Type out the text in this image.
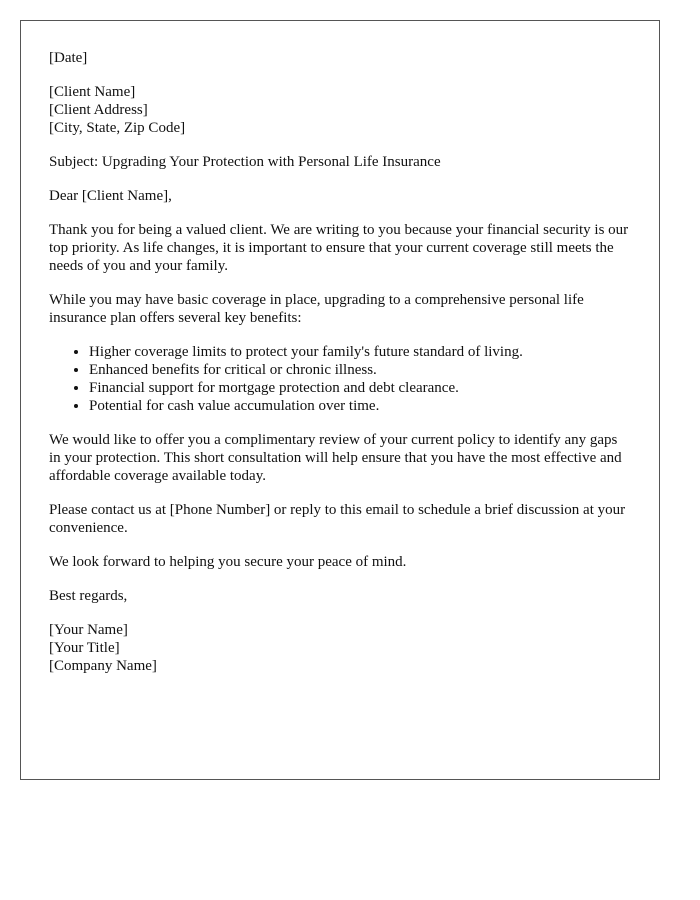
[Date]

[Client Name]
[Client Address]
[City, State, Zip Code]

Subject: Upgrading Your Protection with Personal Life Insurance

Dear [Client Name],

Thank you for being a valued client. We are writing to you because your financial security is our top priority. As life changes, it is important to ensure that your current coverage still meets the needs of you and your family.

While you may have basic coverage in place, upgrading to a comprehensive personal life insurance plan offers several key benefits:

• Higher coverage limits to protect your family's future standard of living.
• Enhanced benefits for critical or chronic illness.
• Financial support for mortgage protection and debt clearance.
• Potential for cash value accumulation over time.

We would like to offer you a complimentary review of your current policy to identify any gaps in your protection. This short consultation will help ensure that you have the most effective and affordable coverage available today.

Please contact us at [Phone Number] or reply to this email to schedule a brief discussion at your convenience.

We look forward to helping you secure your peace of mind.

Best regards,

[Your Name]
[Your Title]
[Company Name]
